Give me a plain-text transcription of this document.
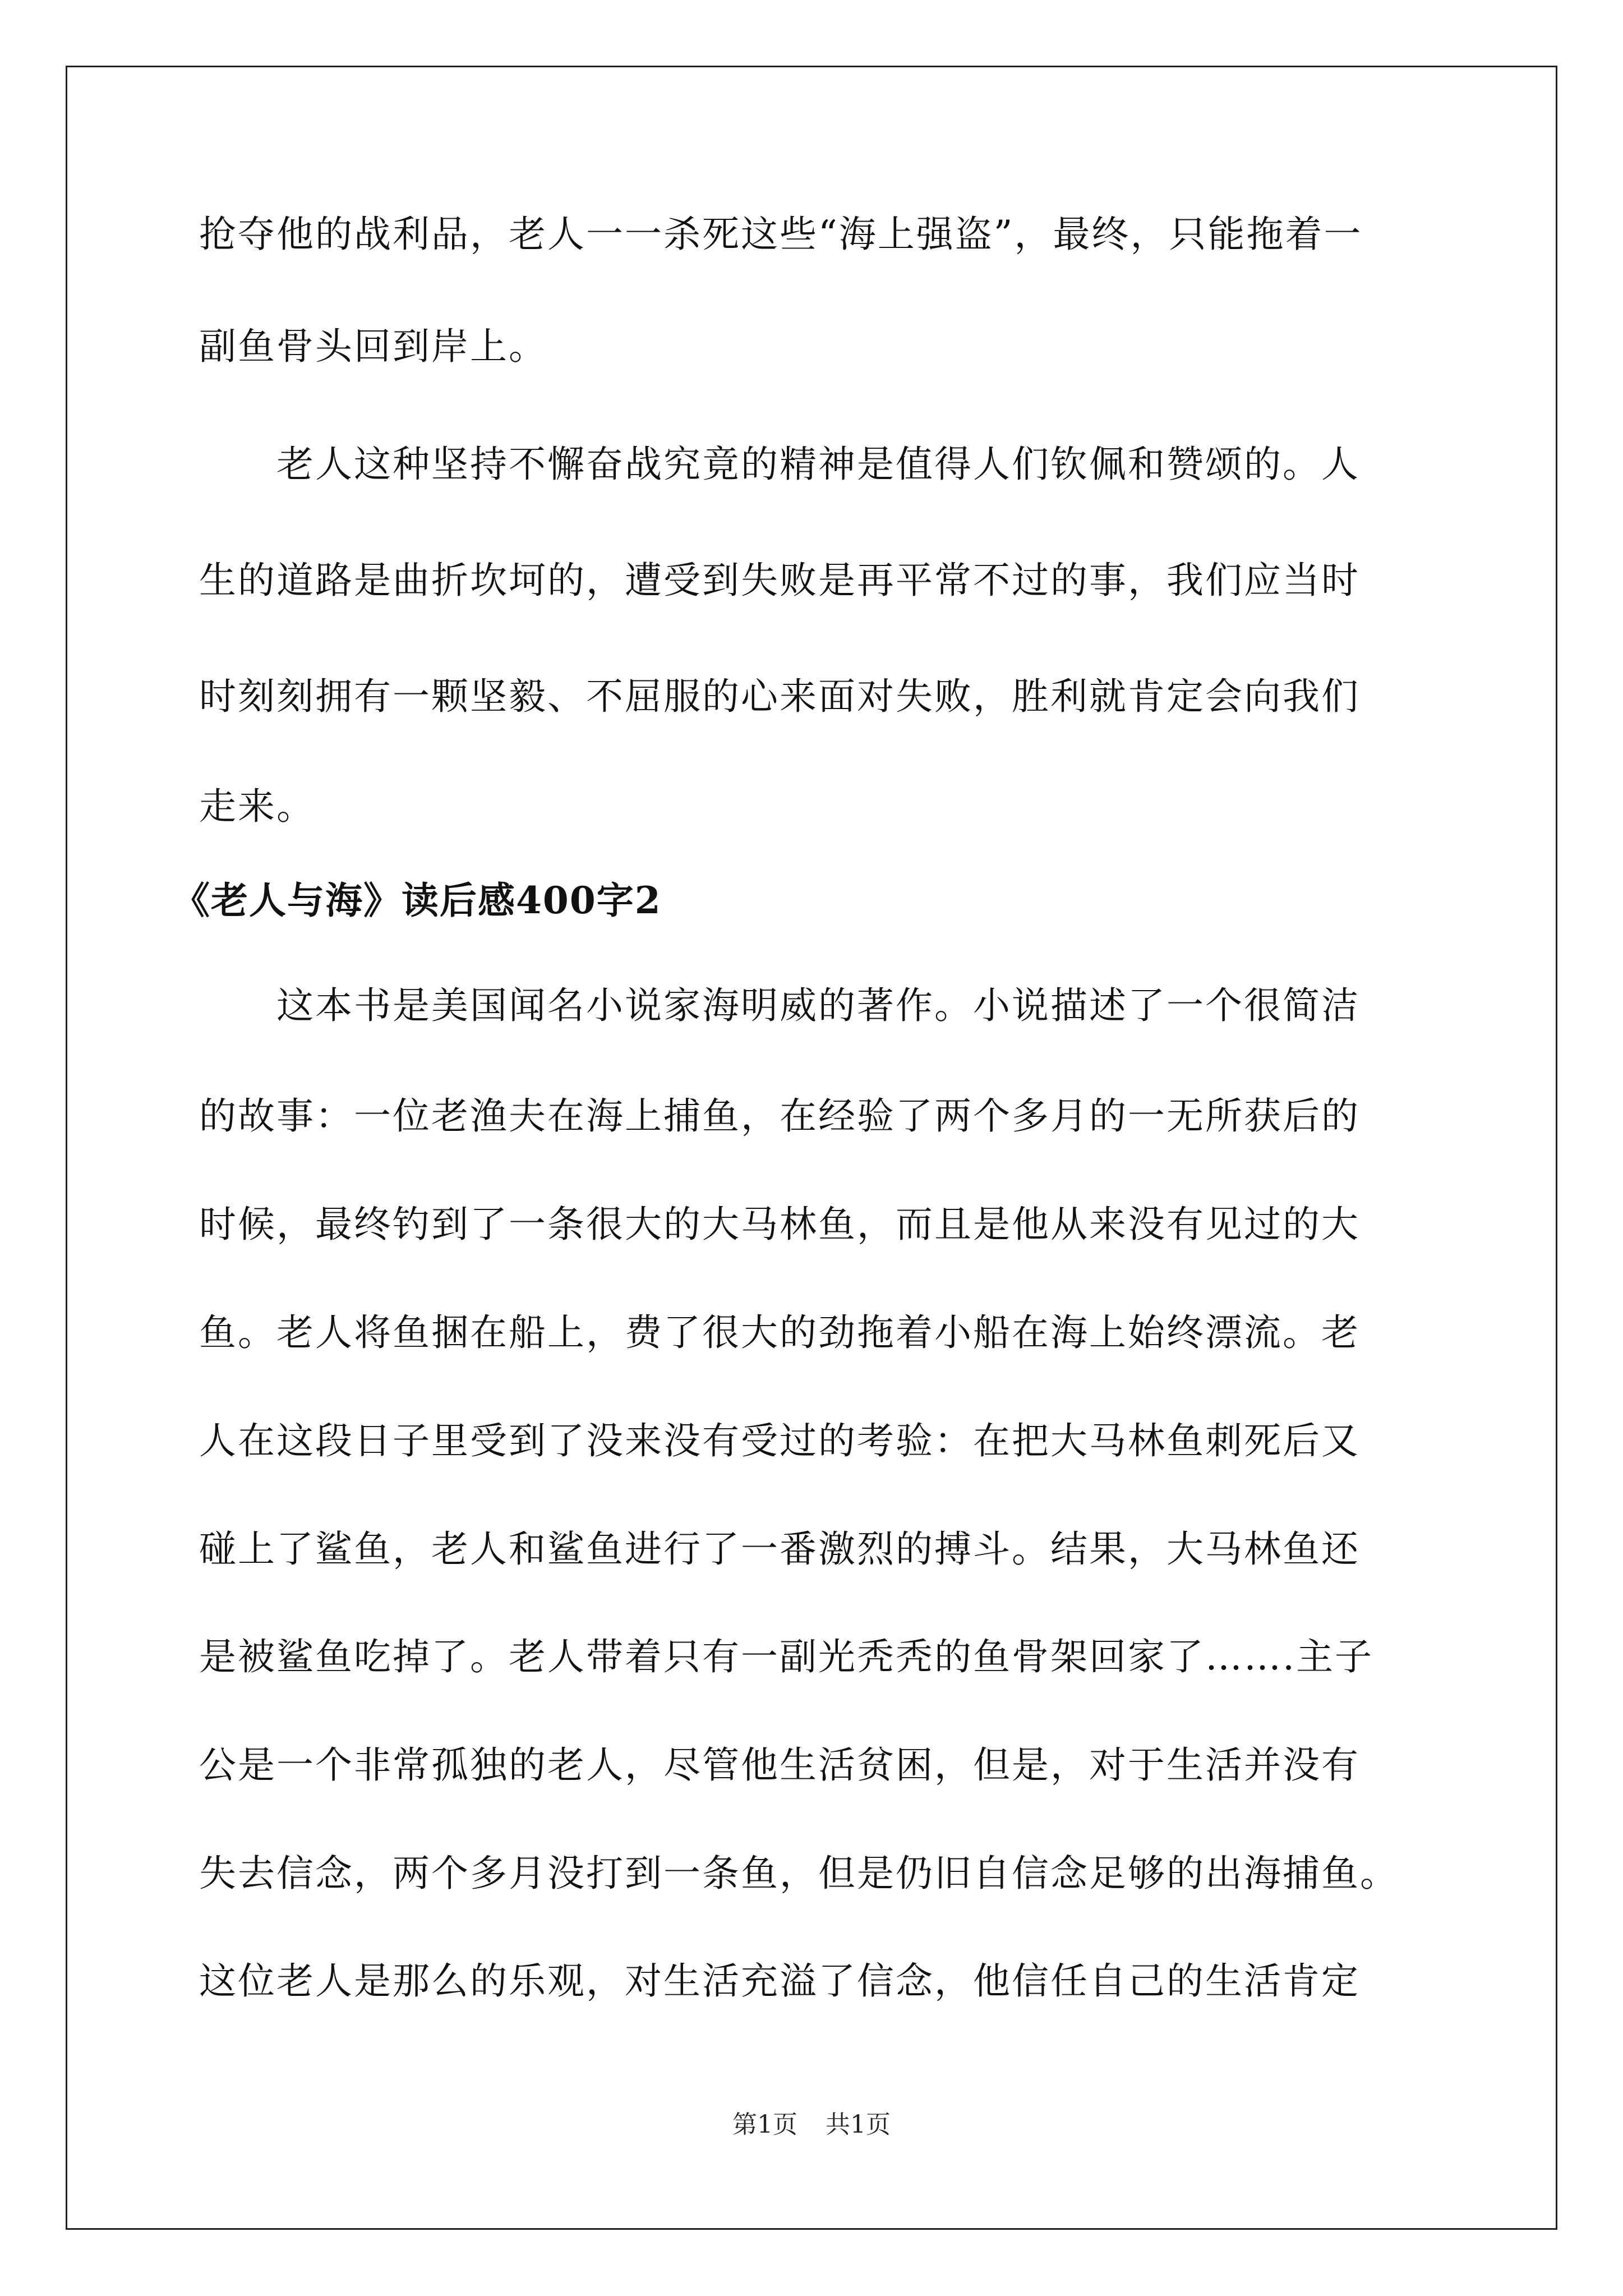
抢夺他的战利品，老人一一杀死这些“海上强盗”，最终，只能拖着一

副鱼骨头回到岸上。

　　老人这种坚持不懈奋战究竟的精神是值得人们钦佩和赞颂的。人

生的道路是曲折坎坷的，遭受到失败是再平常不过的事，我们应当时

时刻刻拥有一颗坚毅、不屈服的心来面对失败，胜利就肯定会向我们

走来。

《老人与海》读后感400字2

　　这本书是美国闻名小说家海明威的著作。小说描述了一个很简洁

的故事：一位老渔夫在海上捕鱼，在经验了两个多月的一无所获后的

时候，最终钓到了一条很大的大马林鱼，而且是他从来没有见过的大

鱼。老人将鱼捆在船上，费了很大的劲拖着小船在海上始终漂流。老

人在这段日子里受到了没来没有受过的考验：在把大马林鱼刺死后又

碰上了鲨鱼，老人和鲨鱼进行了一番激烈的搏斗。结果，大马林鱼还

是被鲨鱼吃掉了。老人带着只有一副光秃秃的鱼骨架回家了…….主子

公是一个非常孤独的老人，尽管他生活贫困，但是，对于生活并没有

失去信念，两个多月没打到一条鱼，但是仍旧自信念足够的出海捕鱼。

这位老人是那么的乐观，对生活充溢了信念，他信任自己的生活肯定

第1页 共1页
